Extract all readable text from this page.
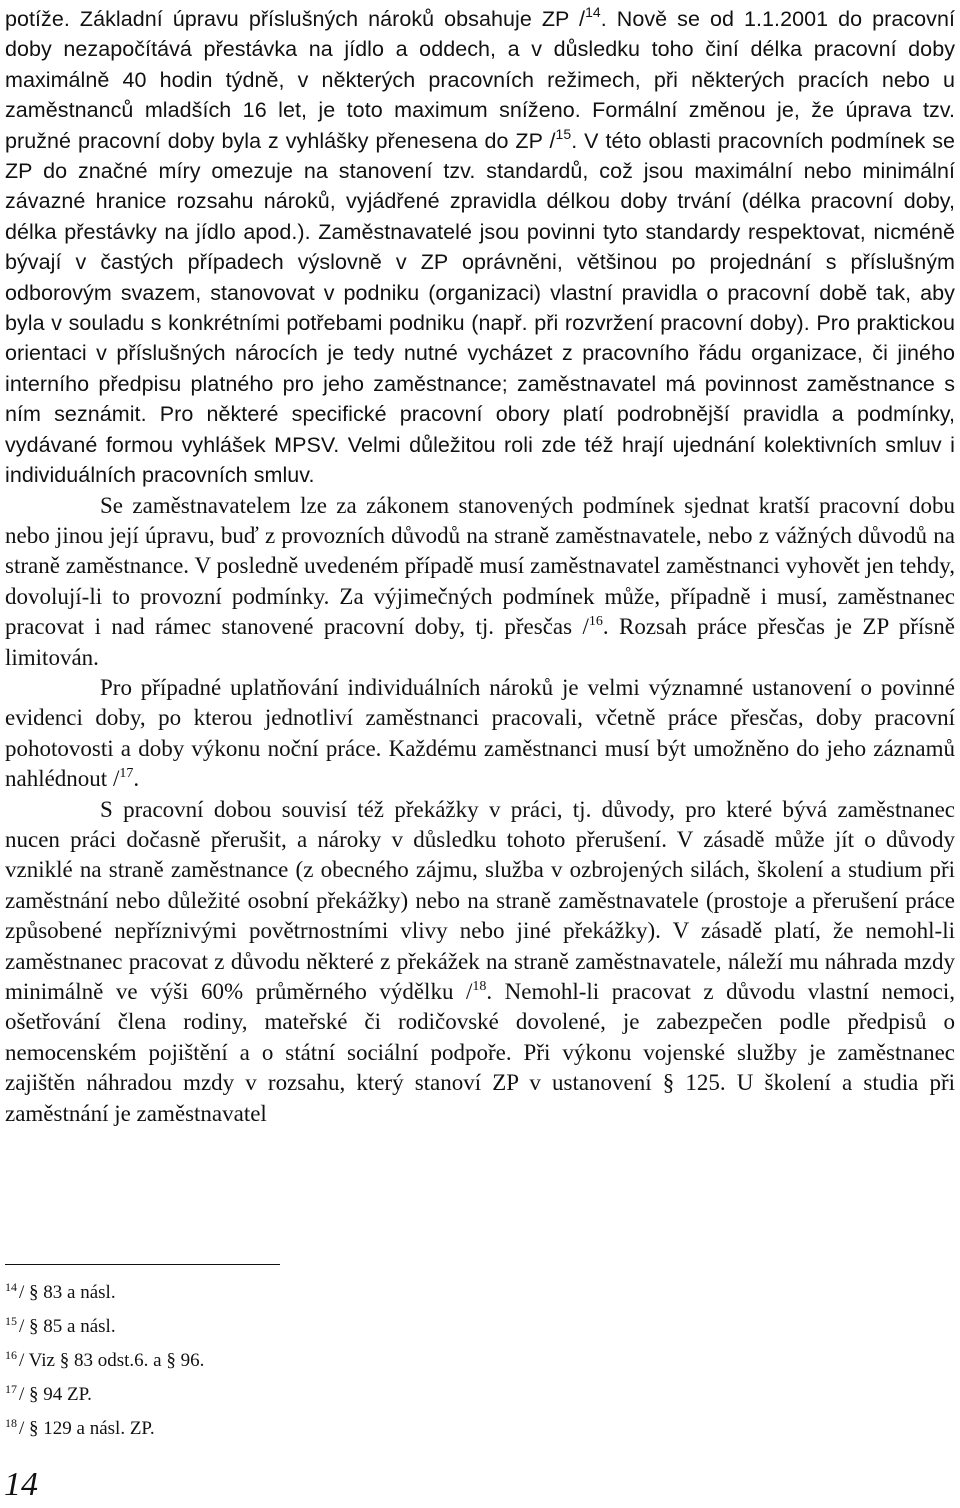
potíže. Základní úpravu příslušných nároků obsahuje ZP /$^{14}$. Nově se od 1.1.2001 do pracovní doby nezapočítává přestávka na jídlo a oddech, a v důsledku toho činí délka pracovní doby maximálně 40 hodin týdně, v některých pracovních režimech, při některých pracích nebo u zaměstnanců mladších 16 let, je toto maximum sníženo. Formální změnou je, že úprava tzv. pružné pracovní doby byla z vyhlášky přenesena do ZP /$^{15}$. V této oblasti pracovních podmínek se ZP do značné míry omezuje na stanovení tzv. standardů, což jsou maximální nebo minimální závazné hranice rozsahu nároků, vyjádřené zpravidla délkou doby trvání (délka pracovní doby, délka přestávky na jídlo apod.). Zaměstnavatelé jsou povinni tyto standardy respektovat, nicméně bývají v častých případech výslovně v ZP oprávněni, většinou po projednání s příslušným odborovým svazem, stanovovat v podniku (organizaci) vlastní pravidla o pracovní době tak, aby byla v souladu s konkrétními potřebami podniku (např. při rozvržení pracovní doby). Pro praktickou orientaci v příslušných nárocích je tedy nutné vycházet z pracovního řádu organizace, či jiného interního předpisu platného pro jeho zaměstnance; zaměstnavatel má povinnost zaměstnance s ním seznámit. Pro některé specifické pracovní obory platí podrobnější pravidla a podmínky, vydávané formou vyhlášek MPSV. Velmi důležitou roli zde též hrají ujednání kolektivních smluv i individuálních pracovních smluv.

Se zaměstnavatelem lze za zákonem stanovených podmínek sjednat kratší pracovní dobu nebo jinou její úpravu, buď z provozních důvodů na straně zaměstnavatele, nebo z vážných důvodů na straně zaměstnance. V posledně uvedeném případě musí zaměstnavatel zaměstnanci vyhovět jen tehdy, dovolují-li to provozní podmínky. Za výjimečných podmínek může, případně i musí, zaměstnanec pracovat i nad rámec stanovené pracovní doby, tj. přesčas /$^{16}$. Rozsah práce přesčas je ZP přísně limitován.

Pro případné uplatňování individuálních nároků je velmi významné ustanovení o povinné evidenci doby, po kterou jednotliví zaměstnanci pracovali, včetně práce přesčas, doby pracovní pohotovosti a doby výkonu noční práce. Každému zaměstnanci musí být umožněno do jeho záznamů nahlédnout /$^{17}$.

S pracovní dobou souvisí též překážky v práci, tj. důvody, pro které bývá zaměstnanec nucen práci dočasně přerušit, a nároky v důsledku tohoto přerušení. V zásadě může jít o důvody vzniklé na straně zaměstnance (z obecného zájmu, služba v ozbrojených silách, školení a studium při zaměstnání nebo důležité osobní překážky) nebo na straně zaměstnavatele (prostoje a přerušení práce způsobené nepříznivými povětrnostními vlivy nebo jiné překážky). V zásadě platí, že nemohl-li zaměstnanec pracovat z důvodu některé z překážek na straně zaměstnavatele, náleží mu náhrada mzdy minimálně ve výši 60% průměrného výdělku /$^{18}$. Nemohl-li pracovat z důvodu vlastní nemoci, ošetřování člena rodiny, mateřské či rodičovské dovolené, je zabezpečen podle předpisů o nemocenském pojištění a o státní sociální podpoře. Při výkonu vojenské služby je zaměstnanec zajištěn náhradou mzdy v rozsahu, který stanoví ZP v ustanovení § 125. U školení a studia při zaměstnání je zaměstnavatel

$^{14}$ / § 83 a násl.
$^{15}$ / § 85 a násl.
$^{16}$ / Viz § 83 odst.6. a § 96.
$^{17}$ / § 94 ZP.
$^{18}$ / § 129 a násl. ZP.
14
